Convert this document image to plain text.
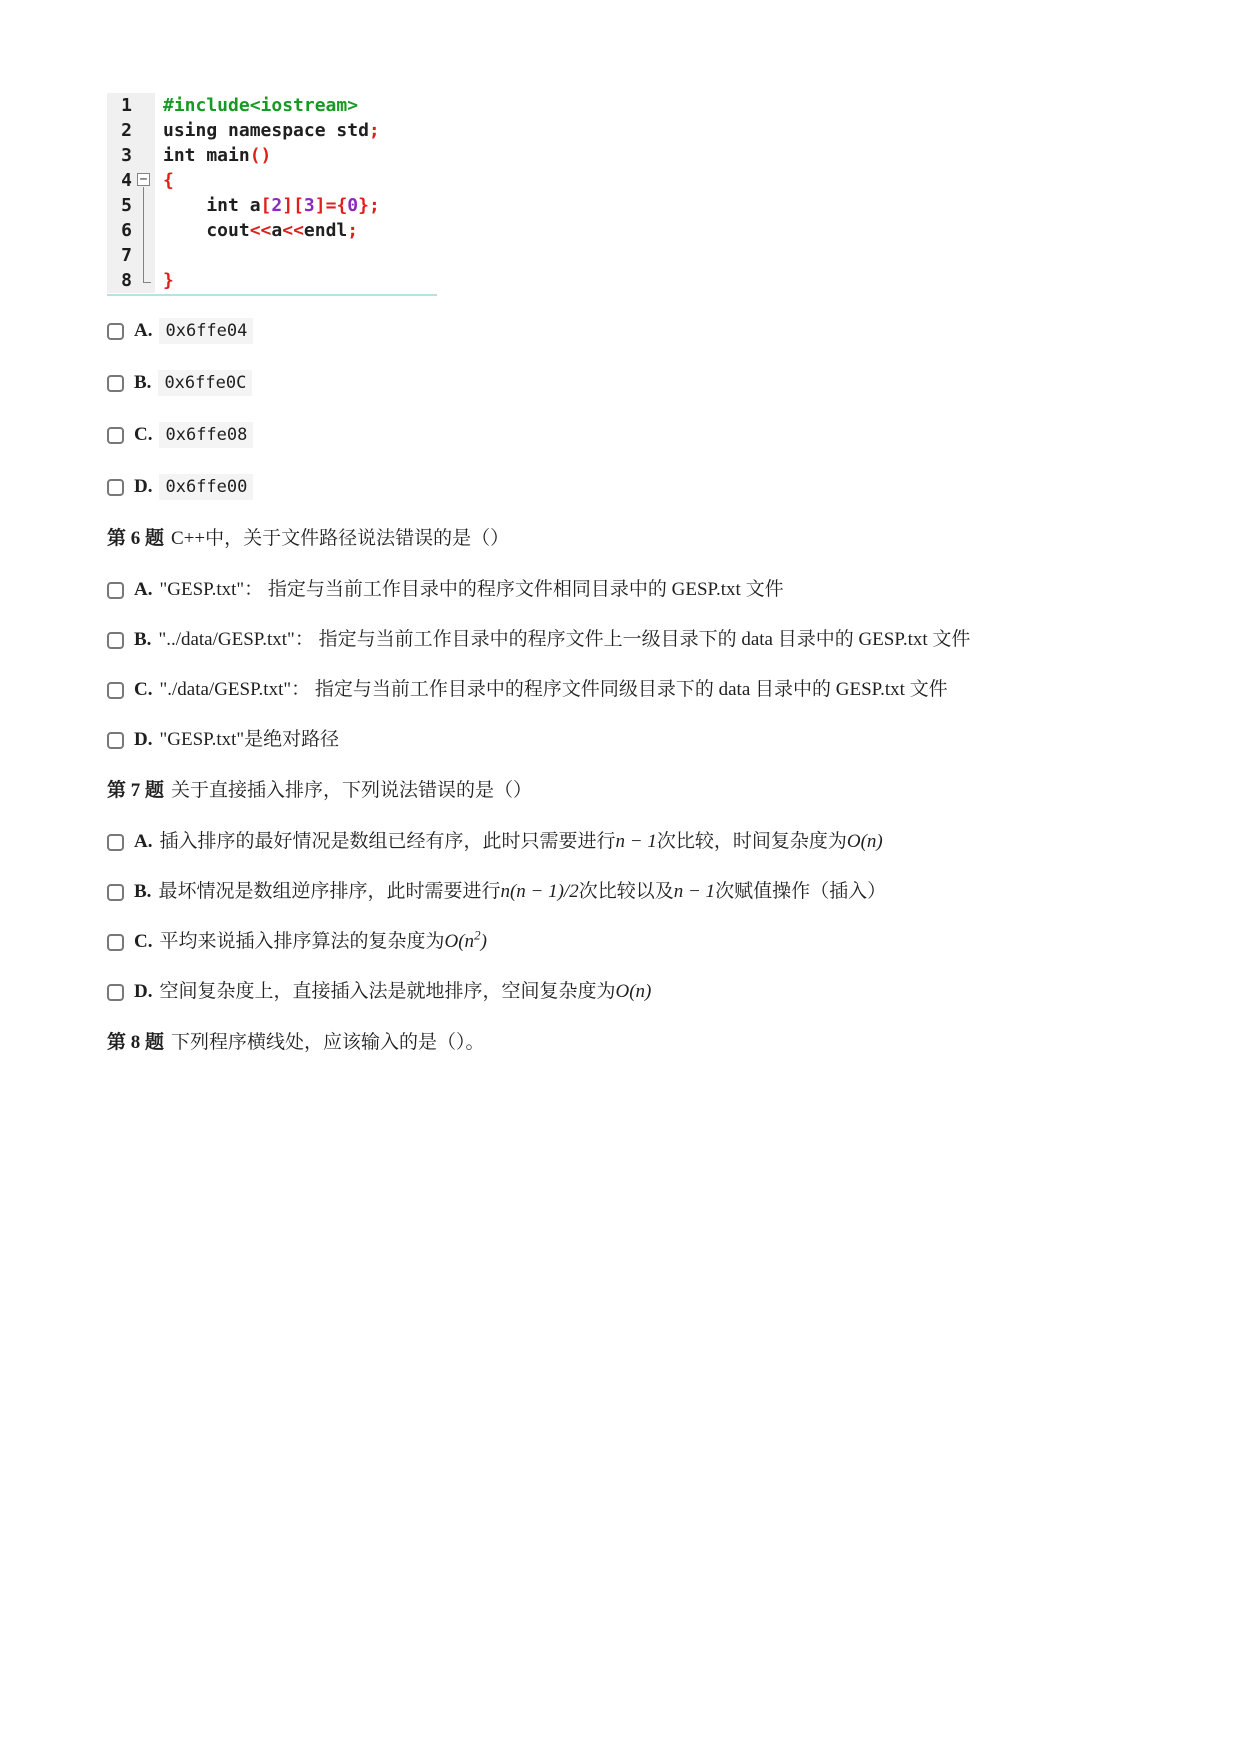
1	#include<iostream>
2	using namespace std;
3	int main()
4 − {
5	int a[2][3]={0};
6	cout<<a<<endl;
7
8	}
A. 0x6ffe04
B. 0x6ffe0C
C. 0x6ffe08
D. 0x6ffe00
第 6 题 C++中，关于文件路径说法错误的是（）
A. "GESP.txt"： 指定与当前工作目录中的程序文件相同目录中的 GESP.txt 文件
B. "../data/GESP.txt"： 指定与当前工作目录中的程序文件上一级目录下的 data 目录中的 GESP.txt 文件
C. "./data/GESP.txt"： 指定与当前工作目录中的程序文件同级目录下的 data 目录中的 GESP.txt 文件
D. "GESP.txt"是绝对路径
第 7 题 关于直接插入排序，下列说法错误的是（）
A. 插入排序的最好情况是数组已经有序，此时只需要进行n − 1次比较，时间复杂度为O(n)
B. 最坏情况是数组逆序排序，此时需要进行n(n − 1)/2次比较以及n − 1次赋值操作（插入）
C. 平均来说插入排序算法的复杂度为$O(n^2)$
D. 空间复杂度上，直接插入法是就地排序，空间复杂度为O(n)
第 8 题 下列程序横线处，应该输入的是（）。
